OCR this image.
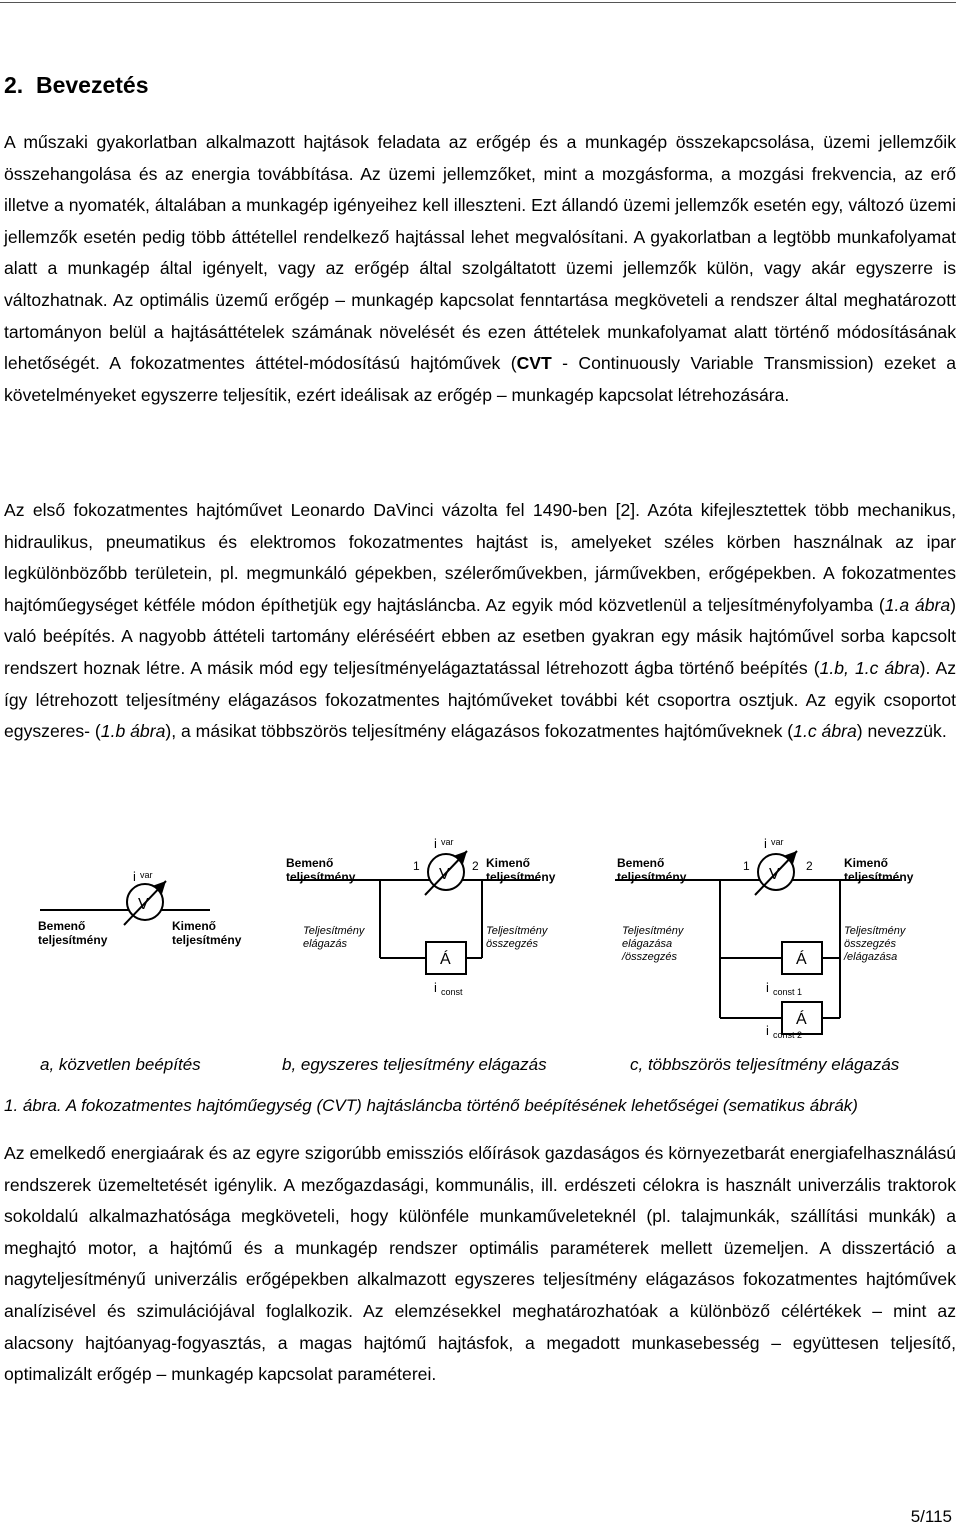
2.  Bevezetés

A műszaki gyakorlatban alkalmazott hajtások feladata az erőgép és a munkagép összekapcsolása, üzemi jellemzőik összehangolása és az energia továbbítása. Az üzemi jellemzőket, mint a mozgásforma, a mozgási frekvencia, az erő illetve a nyomaték, általában a munkagép igényeihez kell illeszteni. Ezt állandó üzemi jellemzők esetén egy, változó üzemi jellemzők esetén pedig több áttétellel rendelkező hajtással lehet megvalósítani. A gyakorlatban a legtöbb munkafolyamat alatt a munkagép által igényelt, vagy az erőgép által szolgáltatott üzemi jellemzők külön, vagy akár egyszerre is változhatnak. Az optimális üzemű erőgép – munkagép kapcsolat fenntartása megköveteli a rendszer által meghatározott tartományon belül a hajtásáttételek számának növelését és ezen áttételek munkafolyamat alatt történő módosításának lehetőségét. A fokozatmentes áttétel-módosítású hajtóművek (CVT - Continuously Variable Transmission) ezeket a követelményeket egyszerre teljesítik, ezért ideálisak az erőgép – munkagép kapcsolat létrehozására.

Az első fokozatmentes hajtóművet Leonardo DaVinci vázolta fel 1490-ben [2]. Azóta kifejlesztettek több mechanikus, hidraulikus, pneumatikus és elektromos fokozatmentes hajtást is, amelyeket széles körben használnak az ipar legkülönbözőbb területein, pl. megmunkáló gépekben, szélerőművekben, járművekben, erőgépekben. A fokozatmentes hajtóműegységet kétféle módon építhetjük egy hajtásláncba. Az egyik mód közvetlenül a teljesítményfolyamba (1.a ábra) való beépítés. A nagyobb áttételi tartomány eléréséért ebben az esetben gyakran egy másik hajtóművel sorba kapcsolt rendszert hoznak létre. A másik mód egy teljesítményelágaztatással létrehozott ágba történő beépítés (1.b, 1.c ábra). Az így létrehozott teljesítmény elágazásos fokozatmentes hajtóműveket további két csoportra osztjuk. Az egyik csoportot egyszeres- (1.b ábra), a másikat többszörös teljesítmény elágazásos fokozatmentes hajtóműveknek (1.c ábra) nevezzük.

i var
V
Bemenő
teljesítmény
Kimenő
teljesítmény
i var
V
1	2
Á
i const
Bemenő
teljesítmény
Kimenő
teljesítmény
Teljesítmény
elágazás
Teljesítmény
összegzés
i var
V
1	2
Á
i const 1
Á
i const 2
Bemenő
teljesítmény
Kimenő
teljesítmény
Teljesítmény
elágazása
/összegzés
Teljesítmény
összegzés
/elágazása
a, közvetlen beépítés	b, egyszeres teljesítmény elágazás	c, többszörös teljesítmény elágazás
1. ábra. A fokozatmentes hajtóműegység (CVT) hajtásláncba történő beépítésének lehetőségei (sematikus ábrák)

Az emelkedő energiaárak és az egyre szigorúbb emissziós előírások gazdaságos és környezetbarát energiafelhasználású rendszerek üzemeltetését igénylik. A mezőgazdasági, kommunális, ill. erdészeti célokra is használt univerzális traktorok sokoldalú alkalmazhatósága megköveteli, hogy különféle munkaműveleteknél (pl. talajmunkák, szállítási munkák) a meghajtó motor, a hajtómű és a munkagép rendszer optimális paraméterek mellett üzemeljen. A disszertáció a nagyteljesítményű univerzális erőgépekben alkalmazott egyszeres teljesítmény elágazásos fokozatmentes hajtóművek analízisével és szimulációjával foglalkozik. Az elemzésekkel meghatározhatóak a különböző célértékek – mint az alacsony hajtóanyag-fogyasztás, a magas hajtómű hajtásfok, a megadott munkasebesség – együttesen teljesítő, optimalizált erőgép – munkagép kapcsolat paraméterei.

5/115
